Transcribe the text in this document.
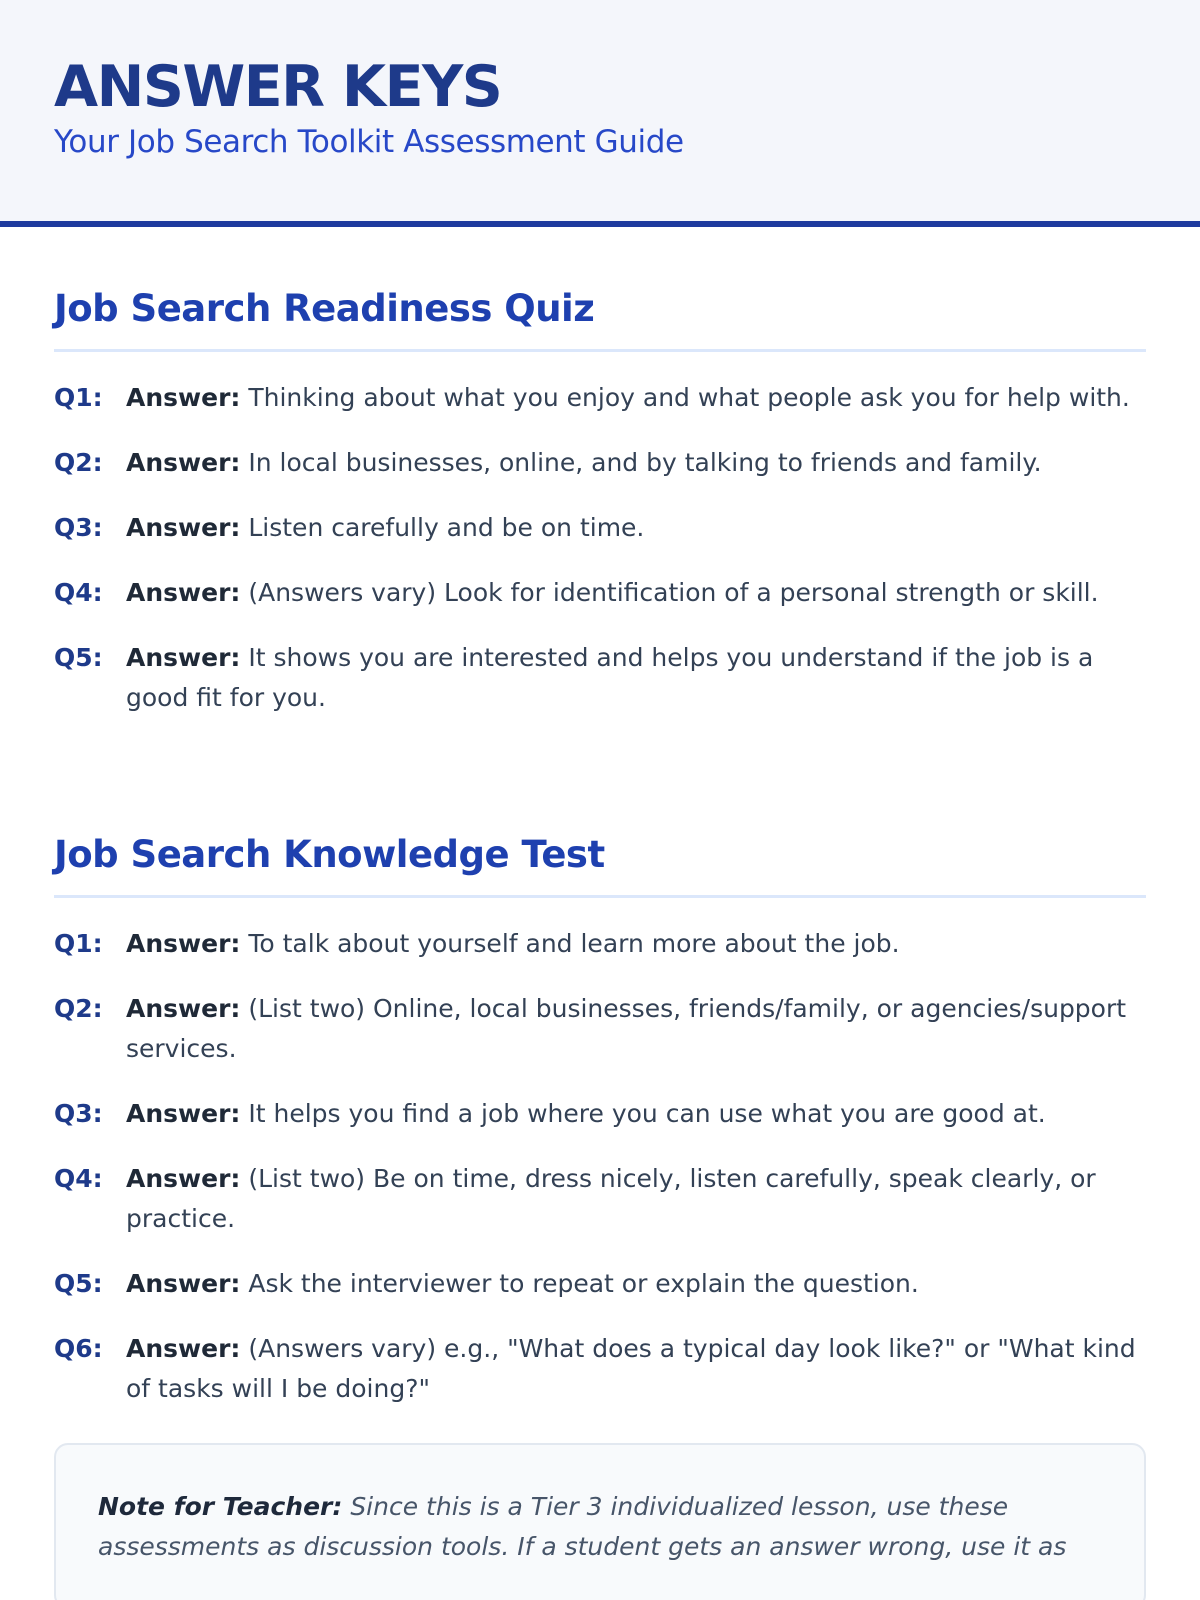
ANSWER KEYS
Your Job Search Toolkit Assessment Guide
Job Search Readiness Quiz
Q1: Answer: Thinking about what you enjoy and what people ask you for help with.
Q2: Answer: In local businesses, online, and by talking to friends and family.
Q3: Answer: Listen carefully and be on time.
Q4: Answer: (Answers vary) Look for identification of a personal strength or skill.
Q5: Answer: It shows you are interested and helps you understand if the job is a good fit for you.
Job Search Knowledge Test
Q1: Answer: To talk about yourself and learn more about the job.
Q2: Answer: (List two) Online, local businesses, friends/family, or agencies/support services.
Q3: Answer: It helps you find a job where you can use what you are good at.
Q4: Answer: (List two) Be on time, dress nicely, listen carefully, speak clearly, or practice.
Q5: Answer: Ask the interviewer to repeat or explain the question.
Q6: Answer: (Answers vary) e.g., "What does a typical day look like?" or "What kind of tasks will I be doing?"
Note for Teacher: Since this is a Tier 3 individualized lesson, use these assessments as discussion tools. If a student gets an answer wrong, use it as
